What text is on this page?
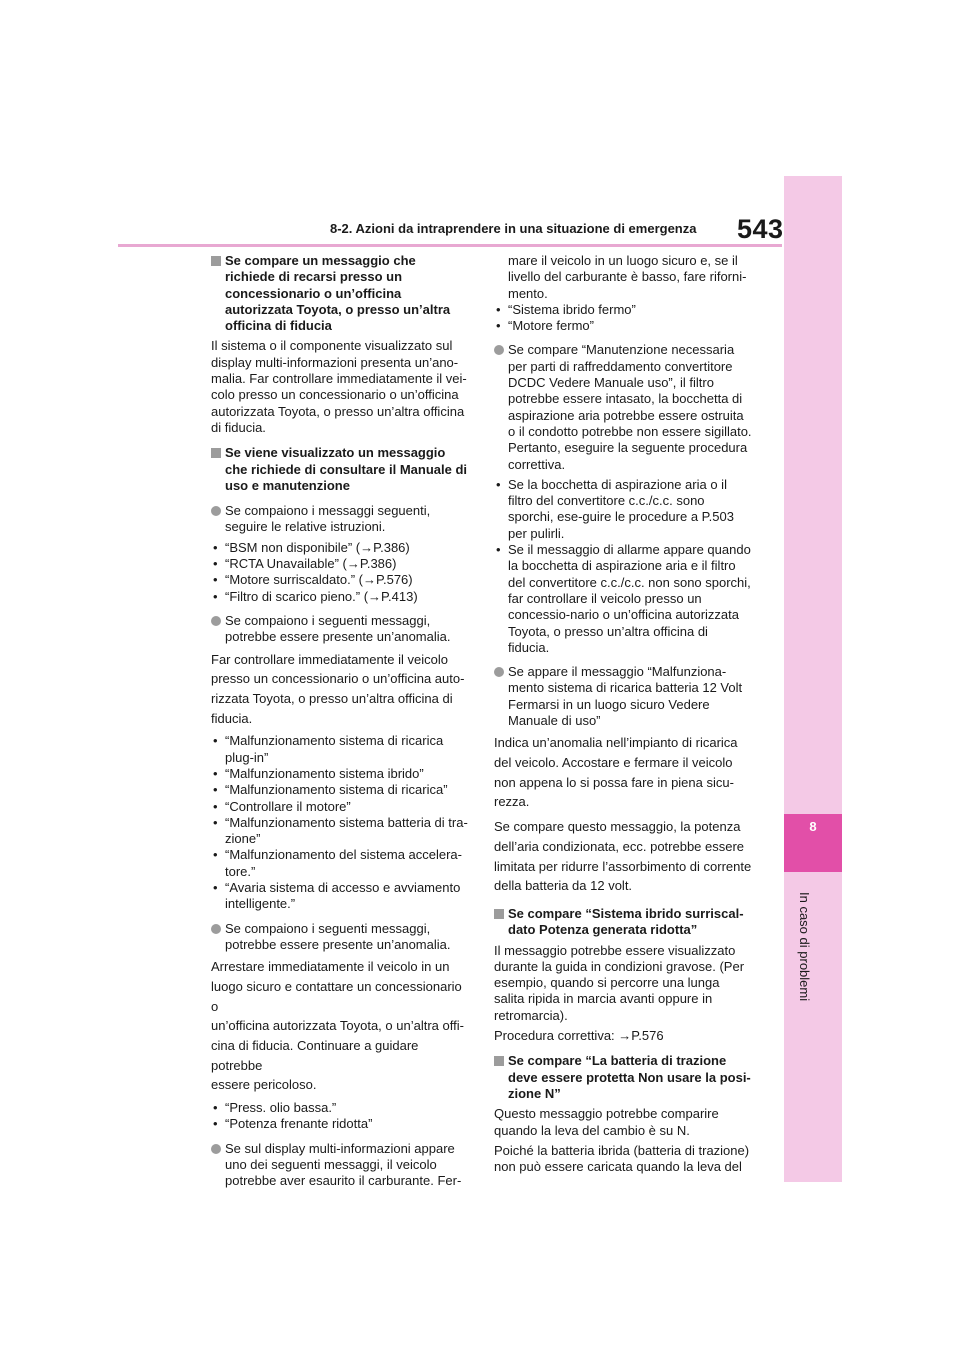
543
8-2. Azioni da intraprendere in una situazione di emergenza
8
In caso di problemi
Se compare un messaggio che richiede di recarsi presso un concessionario o un’officina autorizzata Toyota, o presso un’altra officina di fiducia
Il sistema o il componente visualizzato sul display multi-informazioni presenta un’ano-malia. Far controllare immediatamente il vei-colo presso un concessionario o un’officina autorizzata Toyota, o presso un’altra officina di fiducia.
Se viene visualizzato un messaggio che richiede di consultare il Manuale di uso e manutenzione
Se compaiono i messaggi seguenti, seguire le relative istruzioni.
• “BSM non disponibile” (→P.386)
• “RCTA Unavailable” (→P.386)
• “Motore surriscaldato.” (→P.576)
• “Filtro di scarico pieno.” (→P.413)
Se compaiono i seguenti messaggi, potrebbe essere presente un’anomalia.
Far controllare immediatamente il veicolo
presso un concessionario o un’officina auto-
rizzata Toyota, o presso un’altra officina di
fiducia.
• “Malfunzionamento sistema di ricarica plug-in”
• “Malfunzionamento sistema ibrido”
• “Malfunzionamento sistema di ricarica”
• “Controllare il motore”
• “Malfunzionamento sistema batteria di tra-zione”
• “Malfunzionamento del sistema accelera-tore.”
• “Avaria sistema di accesso e avviamento intelligente.”
Se compaiono i seguenti messaggi, potrebbe essere presente un’anomalia.
Arrestare immediatamente il veicolo in un
luogo sicuro e contattare un concessionario o
un’officina autorizzata Toyota, o un’altra offi-
cina di fiducia. Continuare a guidare potrebbe
essere pericoloso.
• “Press. olio bassa.”
• “Potenza frenante ridotta”
Se sul display multi-informazioni appare uno dei seguenti messaggi, il veicolo potrebbe aver esaurito il carburante. Fer-
mare il veicolo in un luogo sicuro e, se il livello del carburante è basso, fare riforni-mento.
• “Sistema ibrido fermo”
• “Motore fermo”
Se compare “Manutenzione necessaria per parti di raffreddamento convertitore DCDC Vedere Manuale uso”, il filtro potrebbe essere intasato, la bocchetta di aspirazione aria potrebbe essere ostruita o il condotto potrebbe non essere sigillato. Pertanto, eseguire la seguente procedura correttiva.
• Se la bocchetta di aspirazione aria o il filtro del convertitore c.c./c.c. sono sporchi, ese-guire le procedure a P.503 per pulirli.
• Se il messaggio di allarme appare quando la bocchetta di aspirazione aria e il filtro del convertitore c.c./c.c. non sono sporchi, far controllare il veicolo presso un concessio-nario o un’officina autorizzata Toyota, o presso un’altra officina di fiducia.
Se appare il messaggio “Malfunziona-mento sistema di ricarica batteria 12 Volt Fermarsi in un luogo sicuro Vedere Manuale di uso”
Indica un’anomalia nell’impianto di ricarica
del veicolo. Accostare e fermare il veicolo
non appena lo si possa fare in piena sicu-
rezza.
Se compare questo messaggio, la potenza
dell’aria condizionata, ecc. potrebbe essere
limitata per ridurre l’assorbimento di corrente
della batteria da 12 volt.
Se compare “Sistema ibrido surriscal-dato Potenza generata ridotta”
Il messaggio potrebbe essere visualizzato durante la guida in condizioni gravose. (Per esempio, quando si percorre una lunga salita ripida in marcia avanti oppure in retromarcia).
Procedura correttiva: →P.576
Se compare “La batteria di trazione deve essere protetta Non usare la posi-zione N”
Questo messaggio potrebbe comparire quando la leva del cambio è su N.
Poiché la batteria ibrida (batteria di trazione) non può essere caricata quando la leva del
